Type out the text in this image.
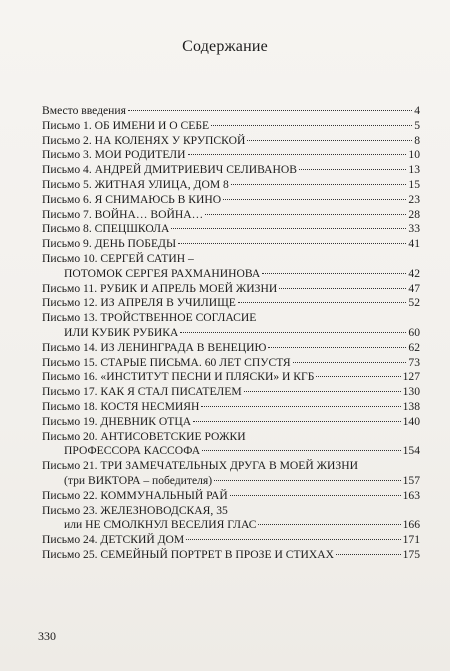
Содержание
Вместо введения	4
Письмо 1. ОБ ИМЕНИ И О СЕБЕ	5
Письмо 2. НА КОЛЕНЯХ У КРУПСКОЙ	8
Письмо 3. МОИ РОДИТЕЛИ	10
Письмо 4. АНДРЕЙ ДМИТРИЕВИЧ СЕЛИВАНОВ	13
Письмо 5. ЖИТНАЯ УЛИЦА, ДОМ 8	15
Письмо 6. Я СНИМАЮСЬ В КИНО	23
Письмо 7. ВОЙНА… ВОЙНА…	28
Письмо 8. СПЕЦШКОЛА	33
Письмо 9. ДЕНЬ ПОБЕДЫ	41
Письмо 10. СЕРГЕЙ САТИН –
ПОТОМОК СЕРГЕЯ РАХМАНИНОВА	42
Письмо 11. РУБИК И АПРЕЛЬ МОЕЙ ЖИЗНИ	47
Письмо 12. ИЗ АПРЕЛЯ В УЧИЛИЩЕ	52
Письмо 13. ТРОЙСТВЕННОЕ СОГЛАСИЕ
ИЛИ КУБИК РУБИКА	60
Письмо 14. ИЗ ЛЕНИНГРАДА В ВЕНЕЦИЮ	62
Письмо 15. СТАРЫЕ ПИСЬМА. 60 ЛЕТ СПУСТЯ	73
Письмо 16. «ИНСТИТУТ ПЕСНИ И ПЛЯСКИ» И КГБ	127
Письмо 17. КАК Я СТАЛ ПИСАТЕЛЕМ	130
Письмо 18. КОСТЯ НЕСМИЯН	138
Письмо 19. ДНЕВНИК ОТЦА	140
Письмо 20. АНТИСОВЕТСКИЕ РОЖКИ
ПРОФЕССОРА КАССОФА	154
Письмо 21. ТРИ ЗАМЕЧАТЕЛЬНЫХ ДРУГА В МОЕЙ ЖИЗНИ
(три ВИКТОРА – победителя)	157
Письмо 22. КОММУНАЛЬНЫЙ РАЙ	163
Письмо 23. ЖЕЛЕЗНОВОДСКАЯ, 35
или НЕ СМОЛКНУЛ ВЕСЕЛИЯ ГЛАС	166
Письмо 24. ДЕТСКИЙ ДОМ	171
Письмо 25. СЕМЕЙНЫЙ ПОРТРЕТ В ПРОЗЕ И СТИХАХ	175
330
